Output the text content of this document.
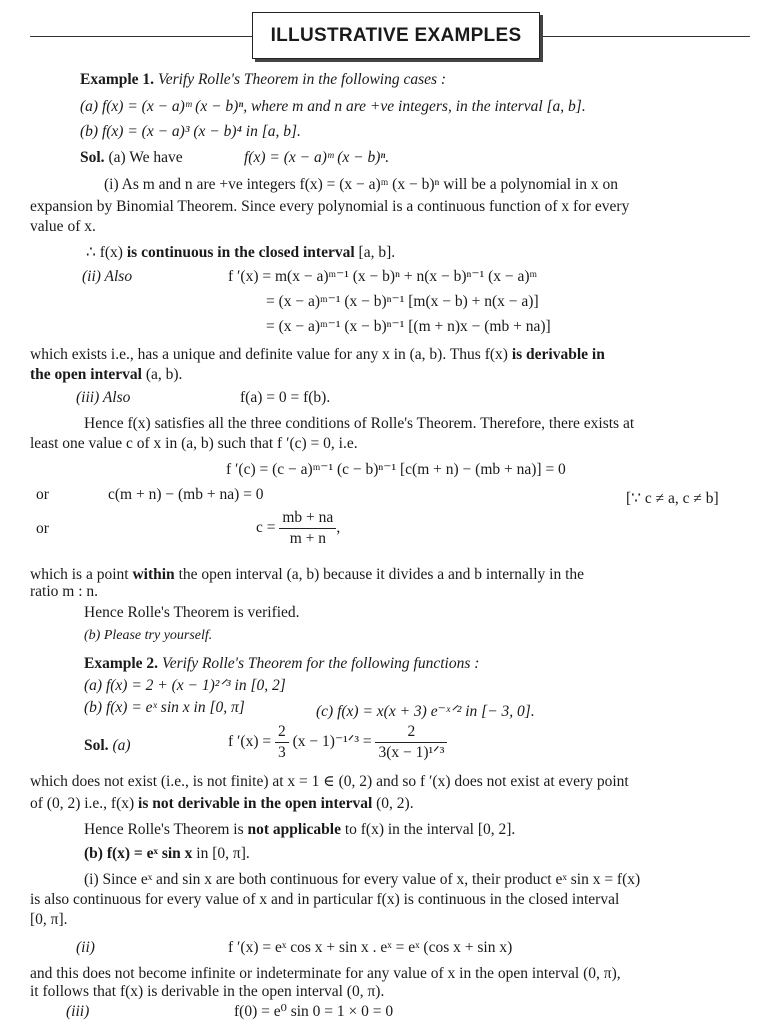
ILLUSTRATIVE EXAMPLES
Example 1. Verify Rolle's Theorem in the following cases :
(a) f(x) = (x − a)ᵐ (x − b)ⁿ, where m and n are +ve integers, in the interval [a, b].
(b) f(x) = (x − a)³ (x − b)⁴ in [a, b].
Sol. (a) We have	f(x) = (x − a)ᵐ (x − b)ⁿ.
(i) As m and n are +ve integers f(x) = (x − a)ᵐ (x − b)ⁿ will be a polynomial in x on
expansion by Binomial Theorem. Since every polynomial is a continuous function of x for every
value of x.
∴ f(x) is continuous in the closed interval [a, b].
(ii) Also	f ′(x) = m(x − a)ᵐ⁻¹ (x − b)ⁿ + n(x − b)ⁿ⁻¹ (x − a)ᵐ
= (x − a)ᵐ⁻¹ (x − b)ⁿ⁻¹ [m(x − b) + n(x − a)]
= (x − a)ᵐ⁻¹ (x − b)ⁿ⁻¹ [(m + n)x − (mb + na)]
which exists i.e., has a unique and definite value for any x in (a, b). Thus f(x) is derivable in
the open interval (a, b).
(iii) Also	f(a) = 0 = f(b).
Hence f(x) satisfies all the three conditions of Rolle's Theorem. Therefore, there exists at
least one value c of x in (a, b) such that f ′(c) = 0, i.e.
f ′(c) = (c − a)ᵐ⁻¹ (c − b)ⁿ⁻¹ [c(m + n) − (mb + na)] = 0
or	c(m + n) − (mb + na) = 0	[∵ c ≠ a, c ≠ b]
or	$c = \frac{mb + na}{m + n}$ ,
which is a point within the open interval (a, b) because it divides a and b internally in the
ratio m : n.
Hence Rolle's Theorem is verified.
(b) Please try yourself.
Example 2. Verify Rolle's Theorem for the following functions :
(a) f(x) = 2 + (x − 1)²ᐟ³ in [0, 2]
(b) f(x) = eˣ sin x in [0, π]	(c) f(x) = x(x + 3) e⁻ˣᐟ² in [− 3, 0].
Sol. (a)	f $'(x) = \frac{2}{3} (x$ − 1)⁻¹ᐟ³ = $\frac{2}{\text{3(x − 1)¹ᐟ³}}$
which does not exist (i.e., is not finite) at x = 1 ∈ (0, 2) and so f ′(x) does not exist at every point
of (0, 2) i.e., f(x) is not derivable in the open interval (0, 2).
Hence Rolle's Theorem is not applicable to f(x) in the interval [0, 2].
(b) f(x) = eˣ sin x in [0, π].
(i) Since eˣ and sin x are both continuous for every value of x, their product eˣ sin x = f(x)
is also continuous for every value of x and in particular f(x) is continuous in the closed interval
[0, π].
(ii)	f ′(x) = eˣ cos x + sin x . eˣ = eˣ (cos x + sin x)
and this does not become infinite or indeterminate for any value of x in the open interval (0, π),
it follows that f(x) is derivable in the open interval (0, π).
(iii)	f(0) = e⁰ sin 0 = 1 × 0 = 0
